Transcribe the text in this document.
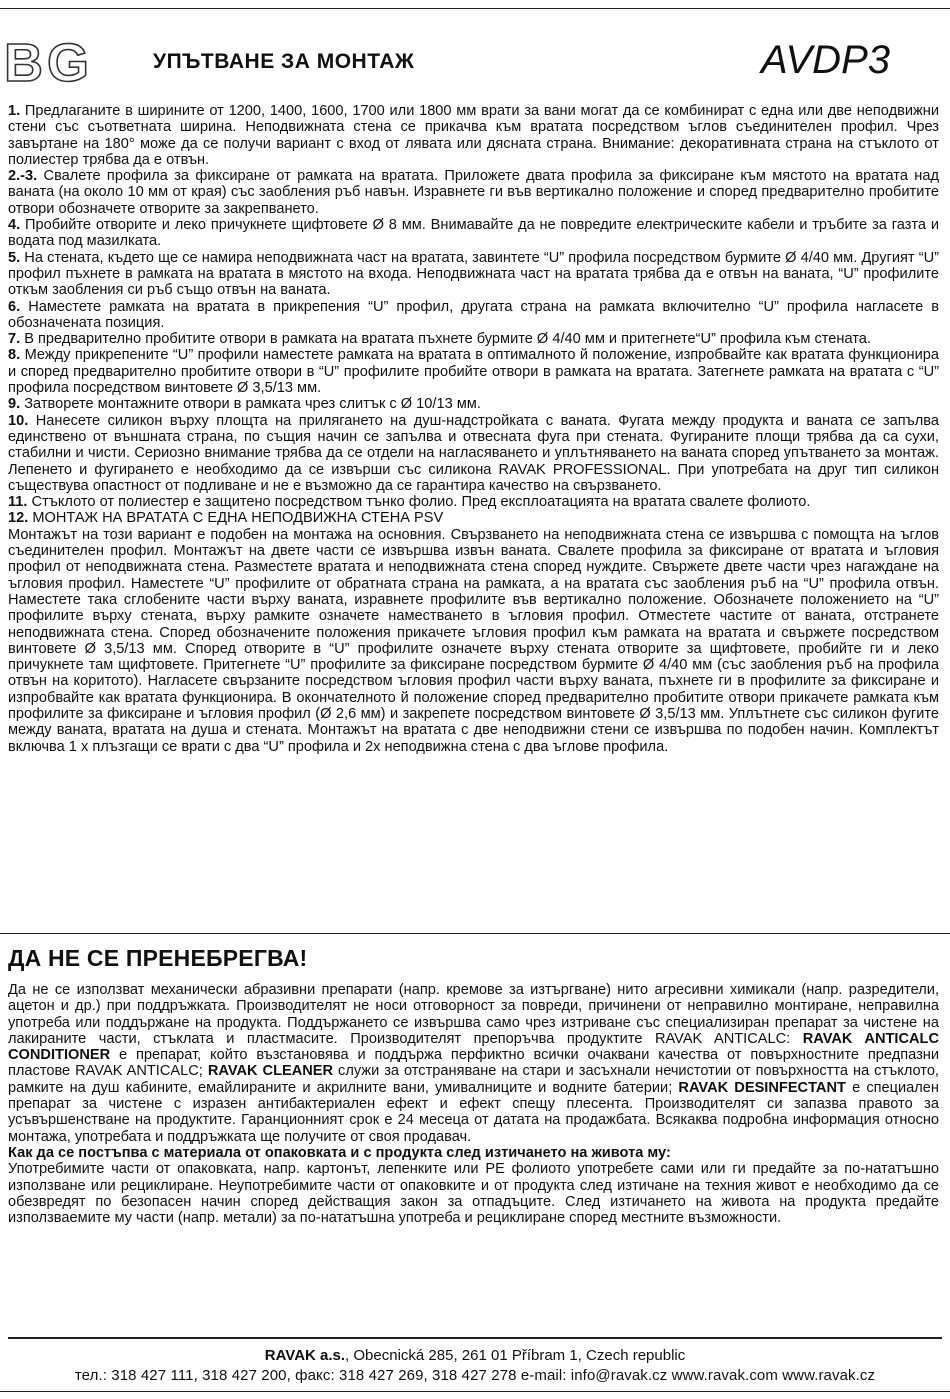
BG	УПЪТВАНЕ ЗА МОНТАЖ	AVDP3

1. Предлаганите в ширините от 1200, 1400, 1600, 1700 или 1800 мм врати за вани могат да се комбинират с една или две неподвижни стени със съответната ширина. Неподвижната стена се прикачва към вратата посредством ъглов съединителен профил. Чрез завъртане на 180° може да се получи вариант с вход от лявата или дясната страна. Внимание: декоративната страна на стъклото от полиестер трябва да е отвън.

2.-3. Свалете профила за фиксиране от рамката на вратата. Приложете двата профила за фиксиране към мястото на вратата над ваната (на около 10 мм от края) със заобления ръб навън. Изравнете ги във вертикално положение и според предварително пробитите отвори обозначете отворите за закрепването.

4. Пробийте отворите и леко причукнете щифтовете Ø 8 мм. Внимавайте да не повредите електрическите кабели и тръбите за газта и водата под мазилката.

5. На стената, където ще се намира неподвижната част на вратата, завинтете “U” профила посредством бурмите Ø 4/40 мм. Другият “U” профил пъхнете в рамката на вратата в мястото на входа. Неподвижната част на вратата трябва да е отвън на ваната, “U” профилите откъм заобления си ръб също отвън на ваната.

6. Наместете рамката на вратата в прикрепения “U” профил, другата страна на рамката включително “U” профила нагласете в обозначената позиция.

7. В предварително пробитите отвори в рамката на вратата пъхнете бурмите Ø 4/40 мм и притегнете“U” профила към стената.

8. Между прикрепените “U” профили наместете рамката на вратата в оптималното й положение, изпробвайте как вратата функционира и според предварително пробитите отвори в “U” профилите пробийте отвори в рамката на вратата. Затегнете рамката на вратата с “U” профила посредством винтовете Ø 3,5/13 мм.

9. Затворете монтажните отвори в рамката чрез слитък с Ø 10/13 мм.

10. Нанесете силикон върху площта на прилягането на душ-надстройката с ваната. Фугата между продукта и ваната се запълва единствено от външната страна, по същия начин се запълва и отвесната фуга при стената. Фугираните площи трябва да са сухи, стабилни и чисти. Сериозно внимание трябва да се отдели на нагласяването и уплътняването на ваната според упътването за монтаж. Лепенето и фугирането е необходимо да се извърши със силикона RAVAK PROFESSIONAL. При употребата на друг тип силикон съществува опастност от подливане и не е възможно да се гарантира качество на свързването.

11. Стъклото от полиестер е защитено посредством тънко фолио. Пред експлоатацията на вратата свалете фолиото.

12. МОНТАЖ НА ВРАТАТА С ЕДНА НЕПОДВИЖНА СТЕНА PSV

Монтажът на този вариант е подобен на монтажа на основния. Свързването на неподвижната стена се извършва с помощта на ъглов съединителен профил. Монтажът на двете части се извършва извън ваната. Свалете профила за фиксиране от вратата и ъгловия профил от неподвижната стена. Разместете вратата и неподвижната стена според нуждите. Свържете двете части чрез нагаждане на ъгловия профил. Наместете “U” профилите от обратната страна на рамката, а на вратата със заобления ръб на “U” профила отвън. Наместете така сглобените части върху ваната, изравнете профилите във вертикално положение. Обозначете положението на “U” профилите върху стената, върху рамките означете наместването в ъгловия профил. Отместете частите от ваната, отстранете неподвижната стена. Според обозначените положения прикачете ъгловия профил към рамката на вратата и свържете посредством винтовете Ø 3,5/13 мм. Според отворите в “U” профилите означете върху стената отворите за щифтовете, пробийте ги и леко причукнете там щифтовете. Притегнете “U” профилите за фиксиране посредством бурмите Ø 4/40 мм (със заобления ръб на профила отвън на коритото). Нагласете свързаните посредством ъгловия профил части върху ваната, пъхнете ги в профилите за фиксиране и изпробвайте как вратата функционира. В окончателното й положение според предварително пробитите отвори прикачете рамката към профилите за фиксиране и ъгловия профил (Ø 2,6 мм) и закрепете посредством винтовете Ø 3,5/13 мм. Уплътнете със силикон фугите между ваната, вратата на душа и стената. Монтажът на вратата с две неподвижни стени се извършва по подобен начин. Комплектът включва 1 х плъзгащи се врати с два “U” профила и 2х неподвижна стена с два ъглове профила.

ДА НЕ СЕ ПРЕНЕБРЕГВА!

Да не се използват механически абразивни препарати (напр. кремове за изтъргване) нито агресивни химикали (напр. разредители, ацетон и др.) при поддръжката. Производителят не носи отговорност за повреди, причинени от неправилно монтиране, неправилна употреба или поддържане на продукта. Поддържането се извършва само чрез изтриване със специализиран препарат за чистене на лакираните части, стъклата и пластмасите. Производителят препоръчва продуктите RAVAK ANTICALC: RAVAK ANTICALC CONDITIONER е препарат, който възстановява и поддържа перфиктно всички очаквани качества от повърхностните предпазни пластове RAVAK ANTICALC; RAVAK CLEANER служи за отстраняване на стари и засъхнали нечистотии от повърхността на стъклото, рамките на душ кабините, емайлираните и акрилните вани, умивалниците и водните батерии; RAVAK DESINFECTANT е специален препарат за чистене с изразен антибактериален ефект и ефект спещу плесента. Производителят си запазва правото за усъвършенстване на продуктите. Гаранционният срок е 24 месеца от датата на продажбата. Всякаква подробна информация относно монтажа, употребата и поддръжката ще получите от своя продавач.

Как да се постъпва с материала от опаковката и с продукта след изтичането на живота му:

Употребимите части от опаковката, напр. картонът, лепенките или PE фолиото употребете сами или ги предайте за по-нататъшно използване или рециклиране. Неупотребимите части от опаковките и от продукта след изтичане на техния живот е необходимо да се обезвредят по безопасен начин според действащия закон за отпадъците. След изтичането на живота на продукта предайте използваемите му части (напр. метали) за по-нататъшна употреба и рециклиране според местните възможности.

RAVAK a.s., Obecnická 285, 261 01 Příbram 1, Czech republic
тел.: 318 427 111, 318 427 200, факс: 318 427 269, 318 427 278 e-mail: info@ravak.cz www.ravak.com www.ravak.cz
